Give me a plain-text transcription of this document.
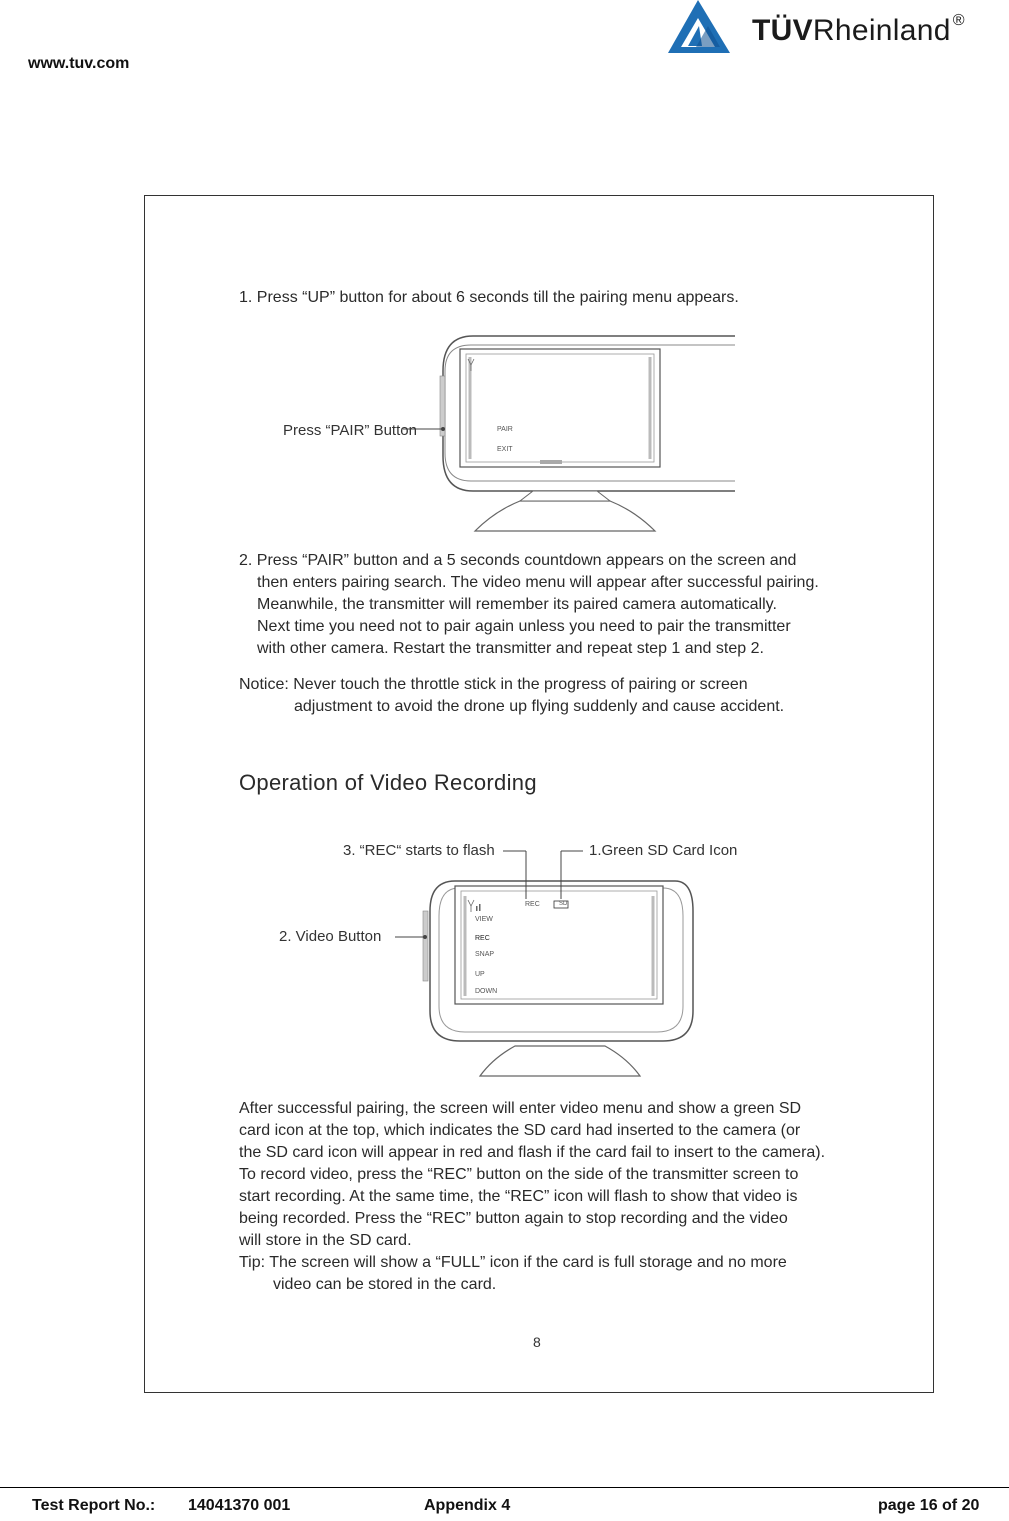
www.tuv.com
TÜVRheinland ®
1. Press “UP” button for about 6 seconds till the pairing menu appears.
Press “PAIR” Button	PAIR
EXIT
2. Press “PAIR” button and a 5 seconds countdown appears on the screen and
then enters pairing search. The video menu will appear after successful pairing.
Meanwhile, the transmitter will remember its paired camera automatically.
Next time you need not to pair again unless you need to pair the transmitter
with other camera. Restart the transmitter and repeat step 1 and step 2.
Notice: Never touch the throttle stick in the progress of pairing or screen
adjustment to avoid the drone up flying suddenly and cause accident.
Operation of Video Recording
3. “REC“ starts to flash	1.Green SD Card Icon
2. Video Button
REC	SD
VIEW
REC
SNAP
UP
DOWN
After successful pairing, the screen will enter video menu and show a green SD
card icon at the top, which indicates the SD card had inserted to the camera (or
the SD card icon will appear in red and flash if the card fail to insert to the camera).
To record video, press the “REC” button on the side of the transmitter screen to
start recording. At the same time, the “REC” icon will flash to show that video is
being recorded. Press the “REC” button again to stop recording and the video
will store in the SD card.
Tip: The screen will show a “FULL” icon if the card is full storage and no more
video can be stored in the card.
8
Test Report No.: 14041370 001	Appendix 4	page 16 of 20
